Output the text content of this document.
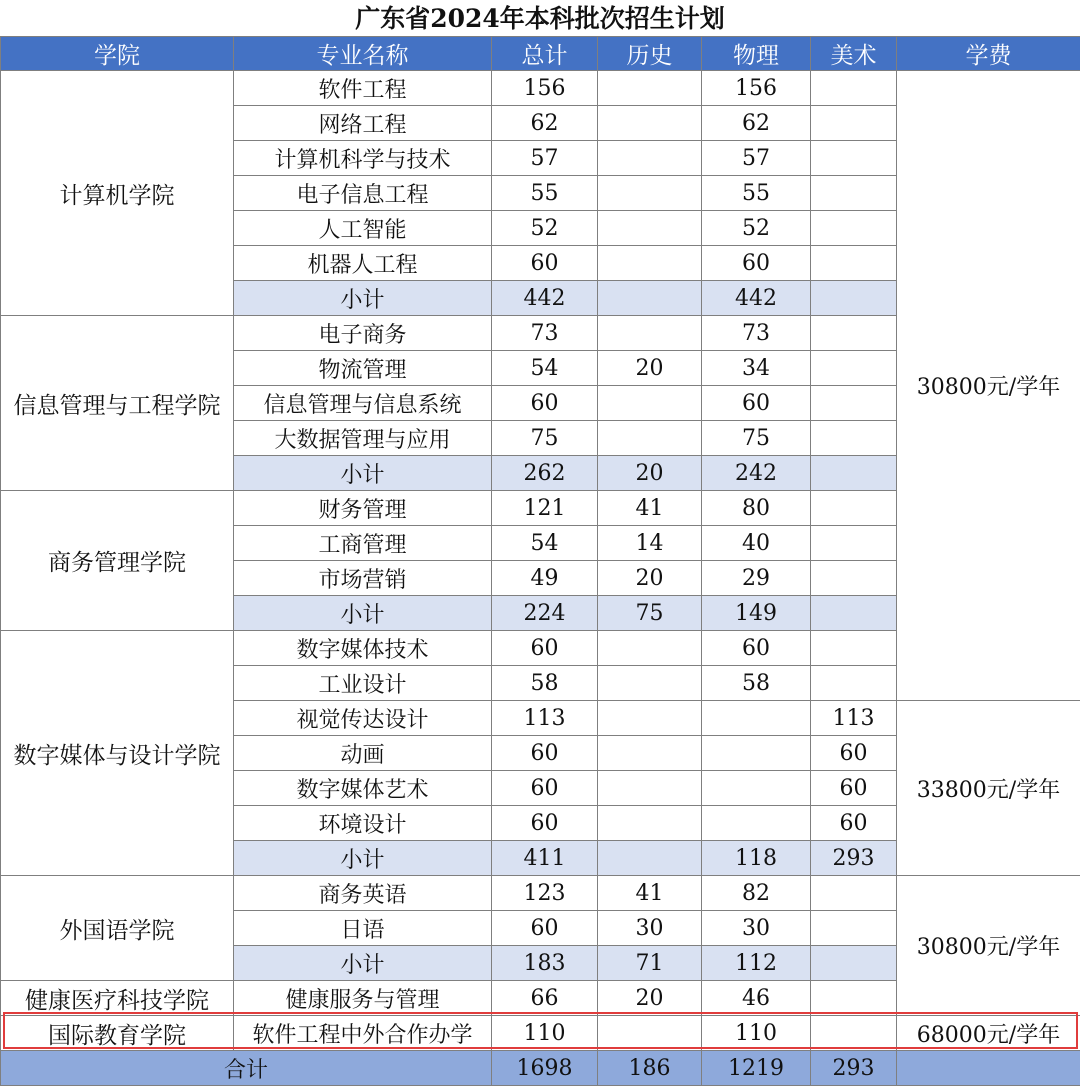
广东省2024年本科批次招生计划
学院	专业名称	总计	历史	物理	美术	学费
计算机学院	软件工程	156		156		30800元/学年
	网络工程	62		62		
	计算机科学与技术	57		57		
	电子信息工程	55		55		
	人工智能	52		52		
	机器人工程	60		60		
	小计	442		442		
信息管理与工程学院	电子商务	73		73		
	物流管理	54	20	34		
	信息管理与信息系统	60		60		
	大数据管理与应用	75		75		
	小计	262	20	242		
商务管理学院	财务管理	121	41	80		
	工商管理	54	14	40		
	市场营销	49	20	29		
	小计	224	75	149		
数字媒体与设计学院	数字媒体技术	60		60		
	工业设计	58		58		
	视觉传达设计	113			113	33800元/学年
	动画	60			60	
	数字媒体艺术	60			60	
	环境设计	60			60	
	小计	411		118	293	
外国语学院	商务英语	123	41	82		30800元/学年
	日语	60	30	30		
	小计	183	71	112		
健康医疗科技学院	健康服务与管理	66	20	46		
国际教育学院	软件工程中外合作办学	110		110		68000元/学年
合计		1698	186	1219	293	
